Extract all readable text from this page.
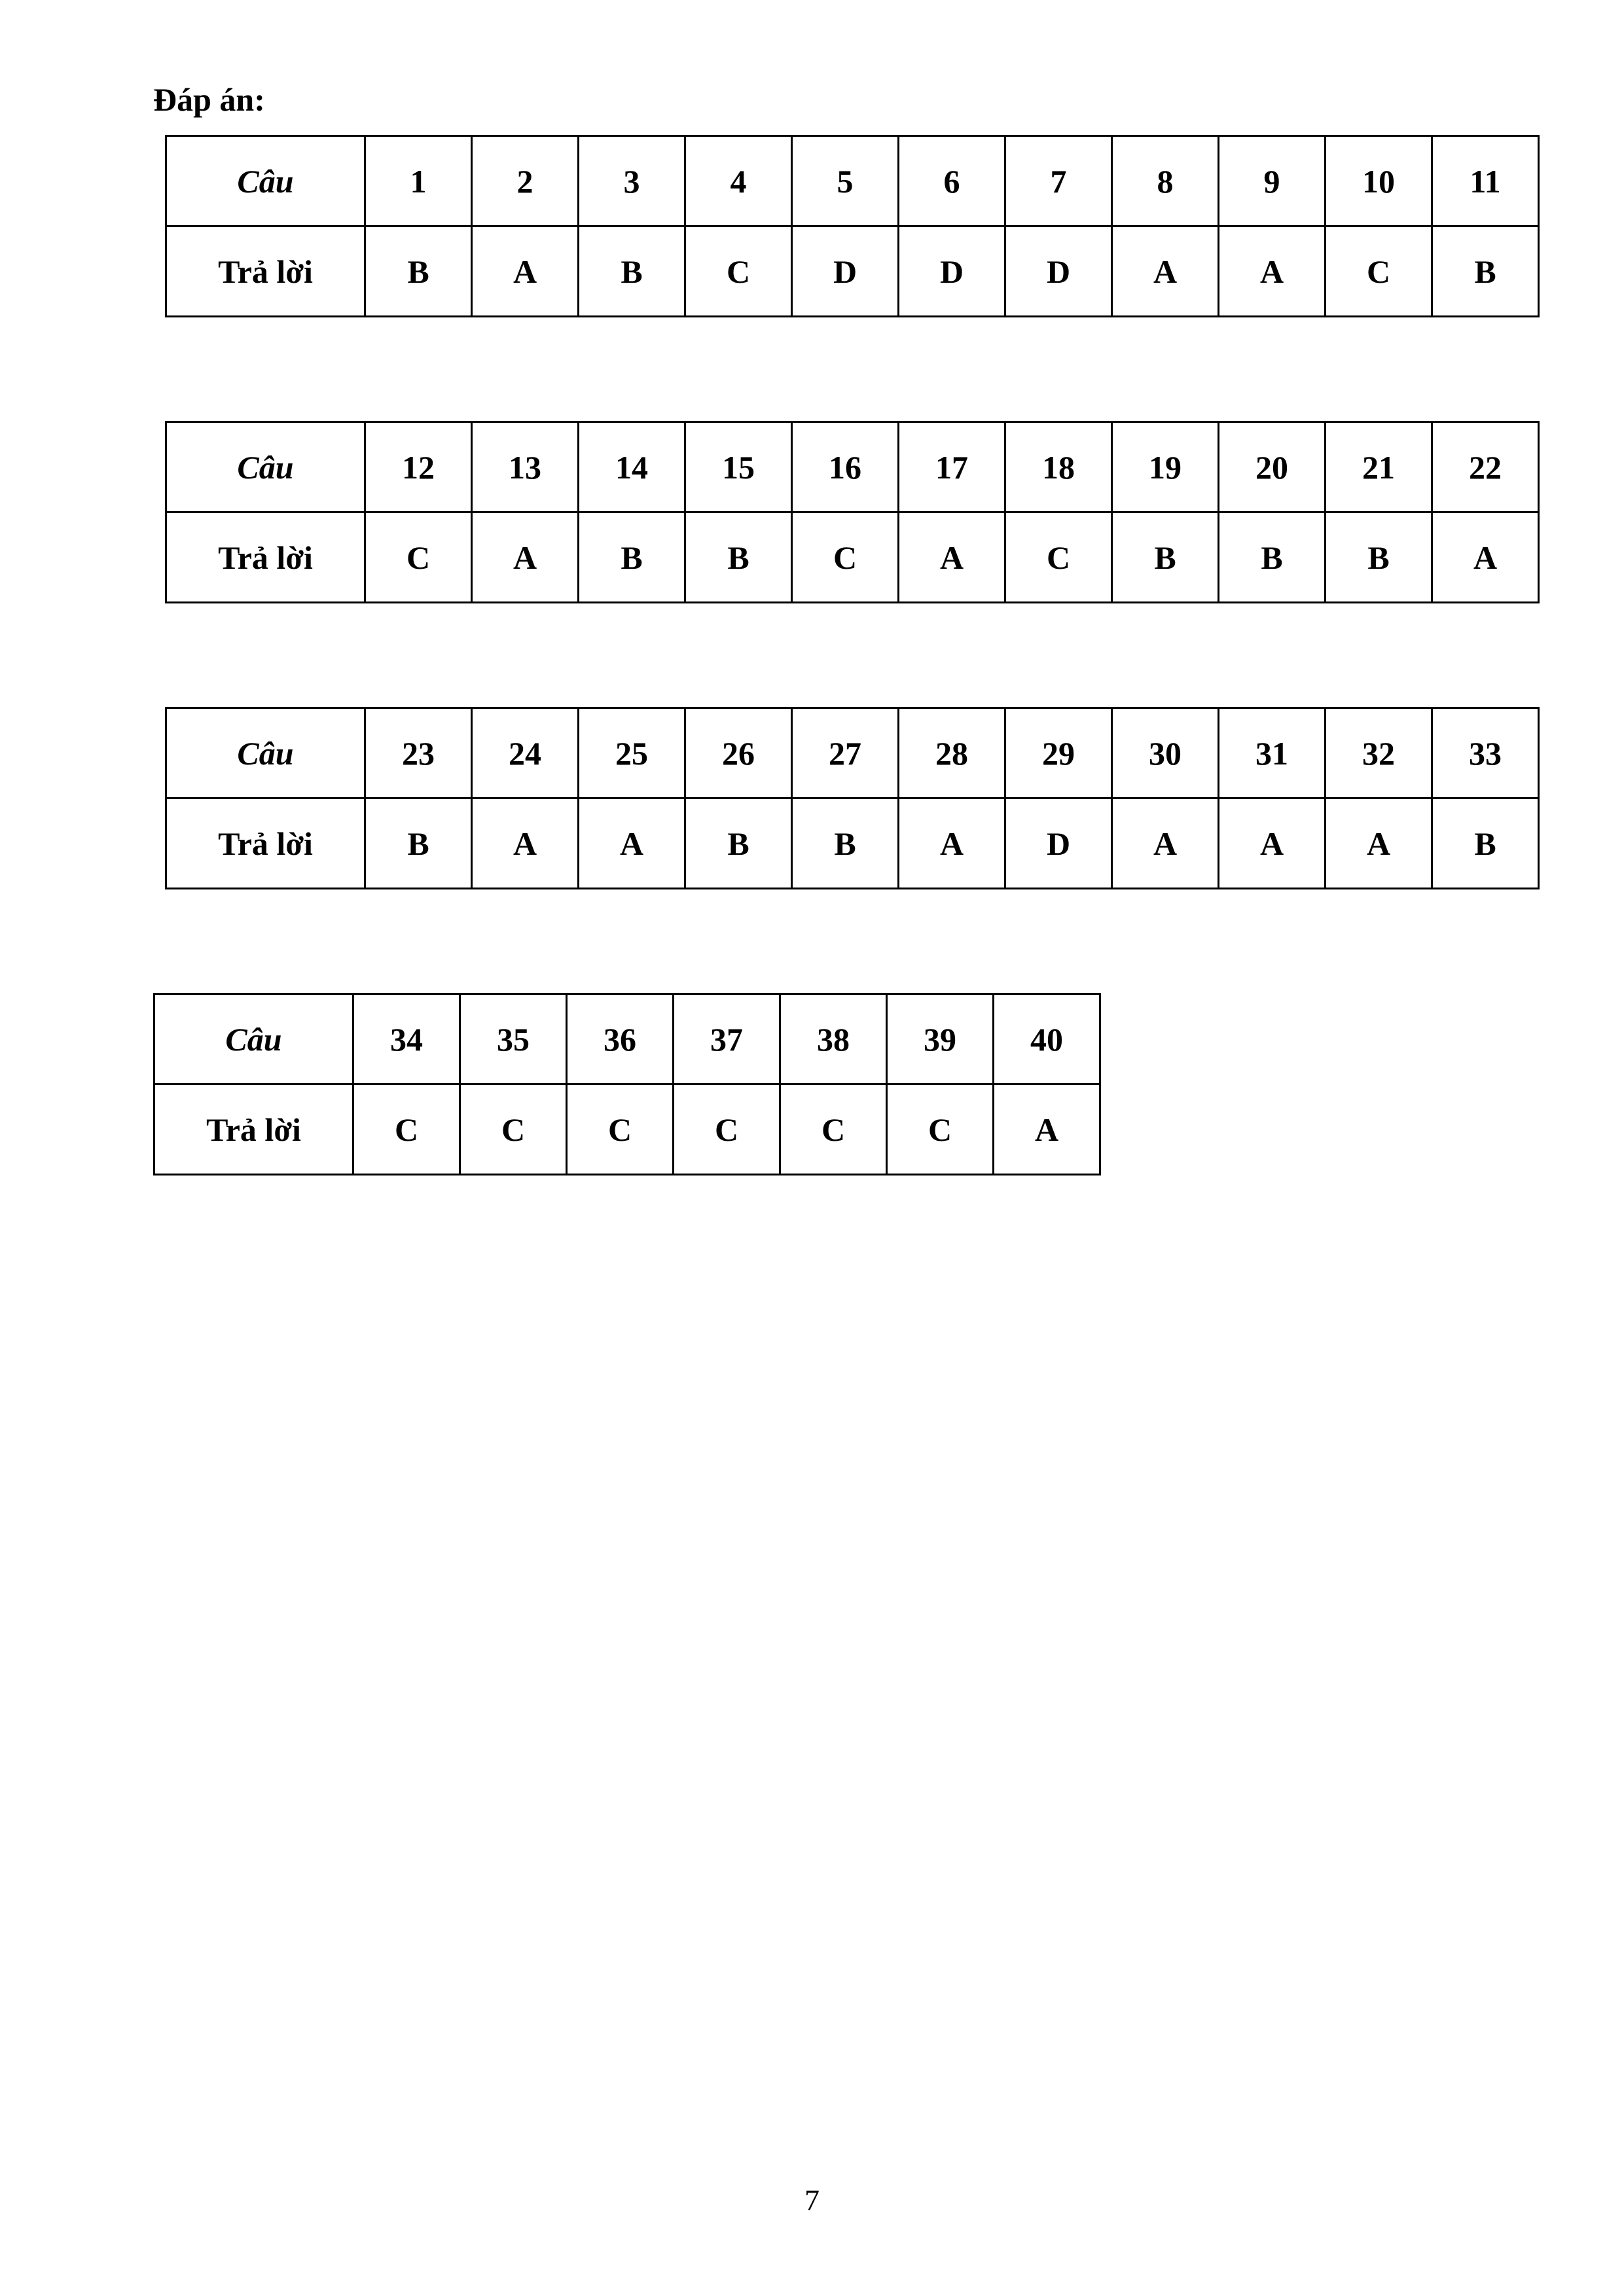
Đáp án:
Câu	1	2	3	4	5	6	7	8	9	10	11
Trả lời	B	A	B	C	D	D	D	A	A	C	B
Câu	12	13	14	15	16	17	18	19	20	21	22
Trả lời	C	A	B	B	C	A	C	B	B	B	A
Câu	23	24	25	26	27	28	29	30	31	32	33
Trả lời	B	A	A	B	B	A	D	A	A	A	B
Câu	34	35	36	37	38	39	40
Trả lời	C	C	C	C	C	C	A
7
